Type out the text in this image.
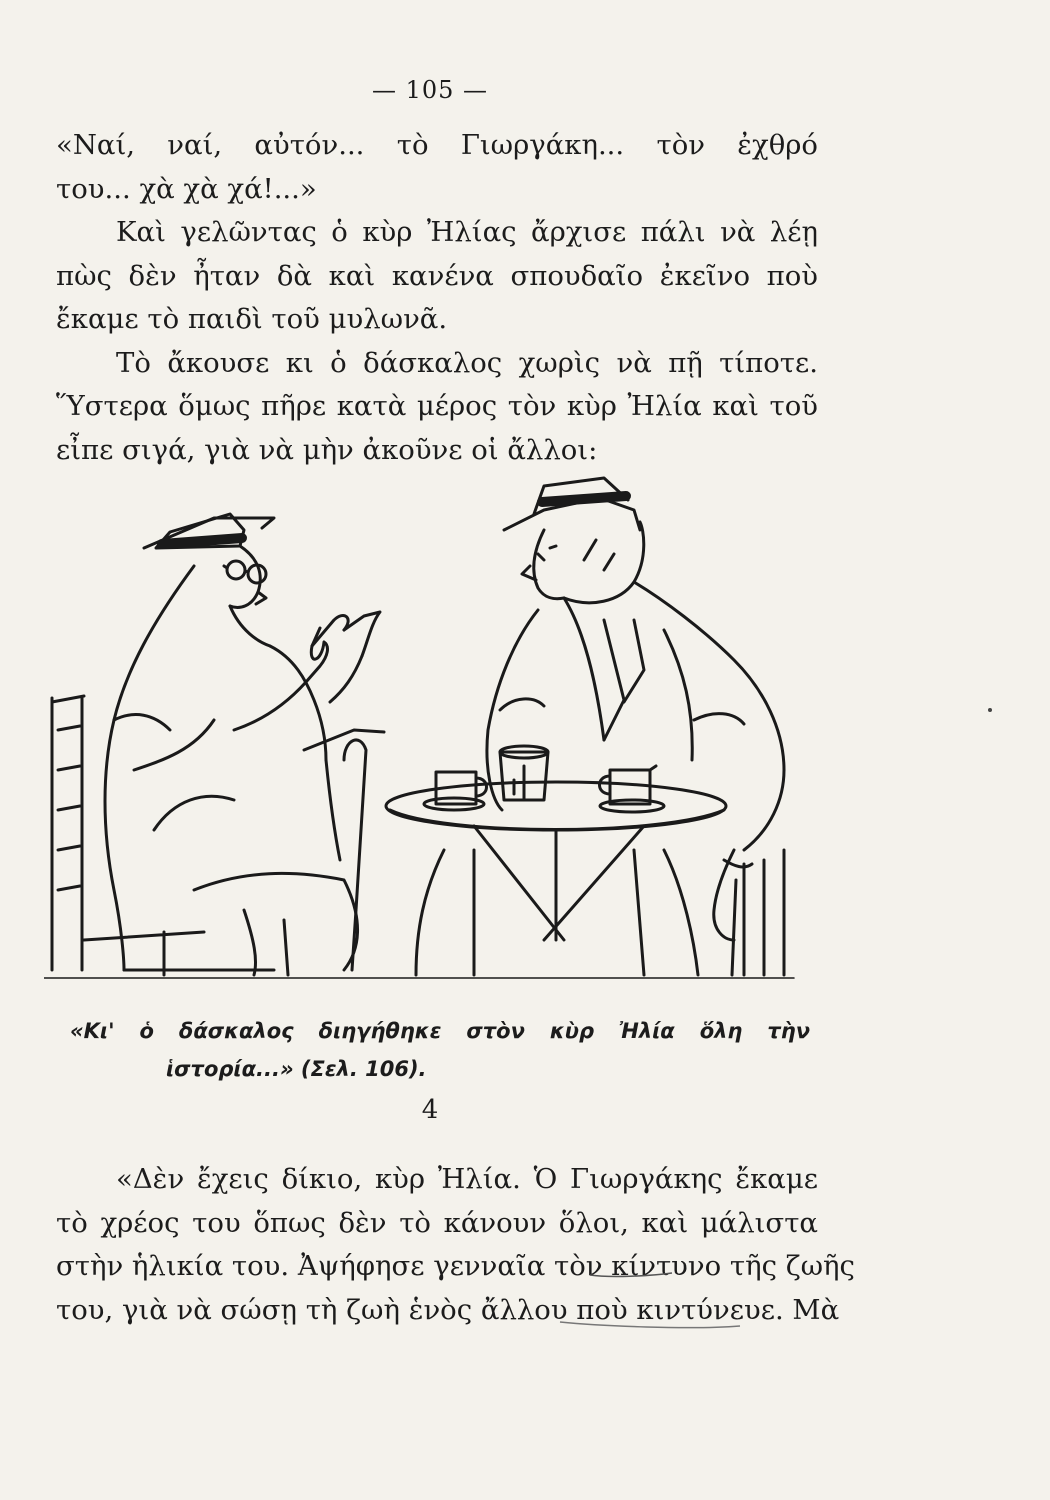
— 105 —
«Ναί, ναί, αὐτόν... τὸ Γιωργάκη... τὸν ἐχθρό
του... χὰ χὰ χά!...»
Καὶ γελῶντας ὁ κὺρ Ἠλίας ἄρχισε πάλι νὰ λέῃ
πὼς δὲν ἦταν δὰ καὶ κανένα σπουδαῖο ἐκεῖνο ποὺ
ἔκαμε τὸ παιδὶ τοῦ μυλωνᾶ.
Τὸ ἄκουσε κι ὁ δάσκαλος χωρὶς νὰ πῇ τίποτε.
Ὕστερα ὅμως πῆρε κατὰ μέρος τὸν κὺρ Ἠλία καὶ τοῦ
εἶπε σιγά, γιὰ νὰ μὴν ἀκοῦνε οἱ ἄλλοι:
«Κι' ὁ δάσκαλος διηγήθηκε στὸν κὺρ Ἠλία ὅλη τὴν
ἱστορία...» (Σελ. 106).
4
«Δὲν ἔχεις δίκιο, κὺρ Ἠλία. Ὁ Γιωργάκης ἔκαμε
τὸ χρέος του ὅπως δὲν τὸ κάνουν ὅλοι, καὶ μάλιστα
στὴν ἡλικία του. Ἀψήφησε γενναῖα τὸν κίντυνο τῆς ζωῆς
του, γιὰ νὰ σώσῃ τὴ ζωὴ ἑνὸς ἄλλου ποὺ κιντύνευε. Μὰ
